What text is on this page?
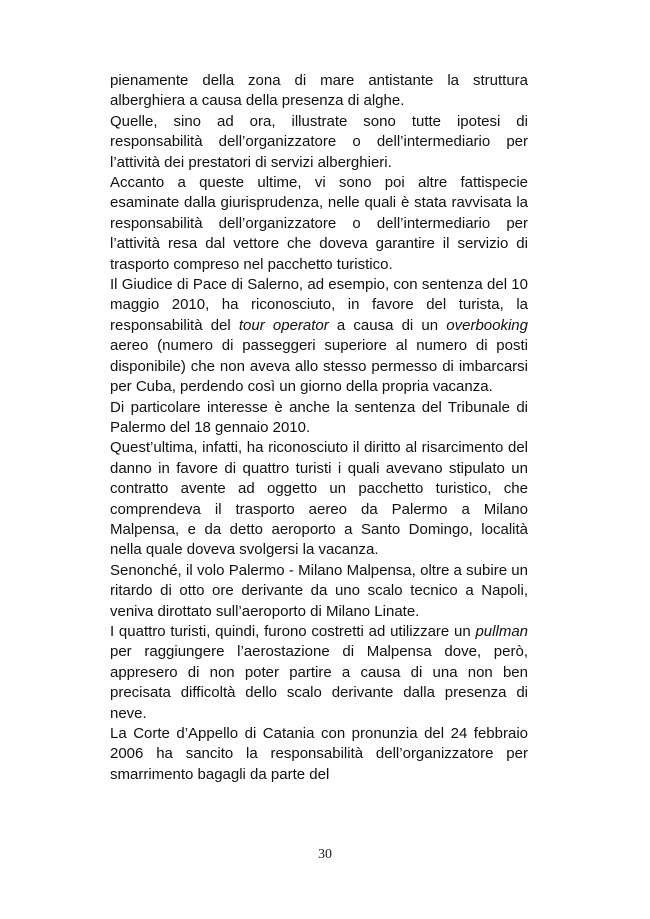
pienamente della zona di mare antistante la struttura alberghiera a causa della presenza di alghe.

Quelle, sino ad ora, illustrate sono tutte ipotesi di responsabilità dell’organizzatore o dell’intermediario per l’attività dei prestatori di servizi alberghieri.

Accanto a queste ultime, vi sono poi altre fattispecie esaminate dalla giurisprudenza, nelle quali è stata ravvisata la responsabilità dell’organizzatore o dell’intermediario per l’attività resa dal vettore che doveva garantire il servizio di trasporto compreso nel pacchetto turistico.

Il Giudice di Pace di Salerno, ad esempio, con sentenza del 10 maggio 2010, ha riconosciuto, in favore del turista, la responsabilità del tour operator a causa di un overbooking aereo (numero di passeggeri superiore al numero di posti disponibile) che non aveva allo stesso permesso di imbarcarsi per Cuba, perdendo così un giorno della propria vacanza.

Di particolare interesse è anche la sentenza del Tribunale di Palermo del 18 gennaio 2010.

Quest’ultima, infatti, ha riconosciuto il diritto al risarcimento del danno in favore di quattro turisti i quali avevano stipulato un contratto avente ad oggetto un pacchetto turistico, che comprendeva il trasporto aereo da Palermo a Milano Malpensa, e da detto aeroporto a Santo Domingo, località nella quale doveva svolgersi la vacanza.

Senonché, il volo Palermo - Milano Malpensa, oltre a subire un ritardo di otto ore derivante da uno scalo tecnico a Napoli, veniva dirottato sull’aeroporto di Milano Linate.

I quattro turisti, quindi, furono costretti ad utilizzare un pullman per raggiungere l’aerostazione di Malpensa dove, però, appresero di non poter partire a causa di una non ben precisata difficoltà dello scalo derivante dalla presenza di neve.

La Corte d’Appello di Catania con pronunzia del 24 febbraio 2006 ha sancito la responsabilità dell’organizzatore per smarrimento bagagli da parte del

30
